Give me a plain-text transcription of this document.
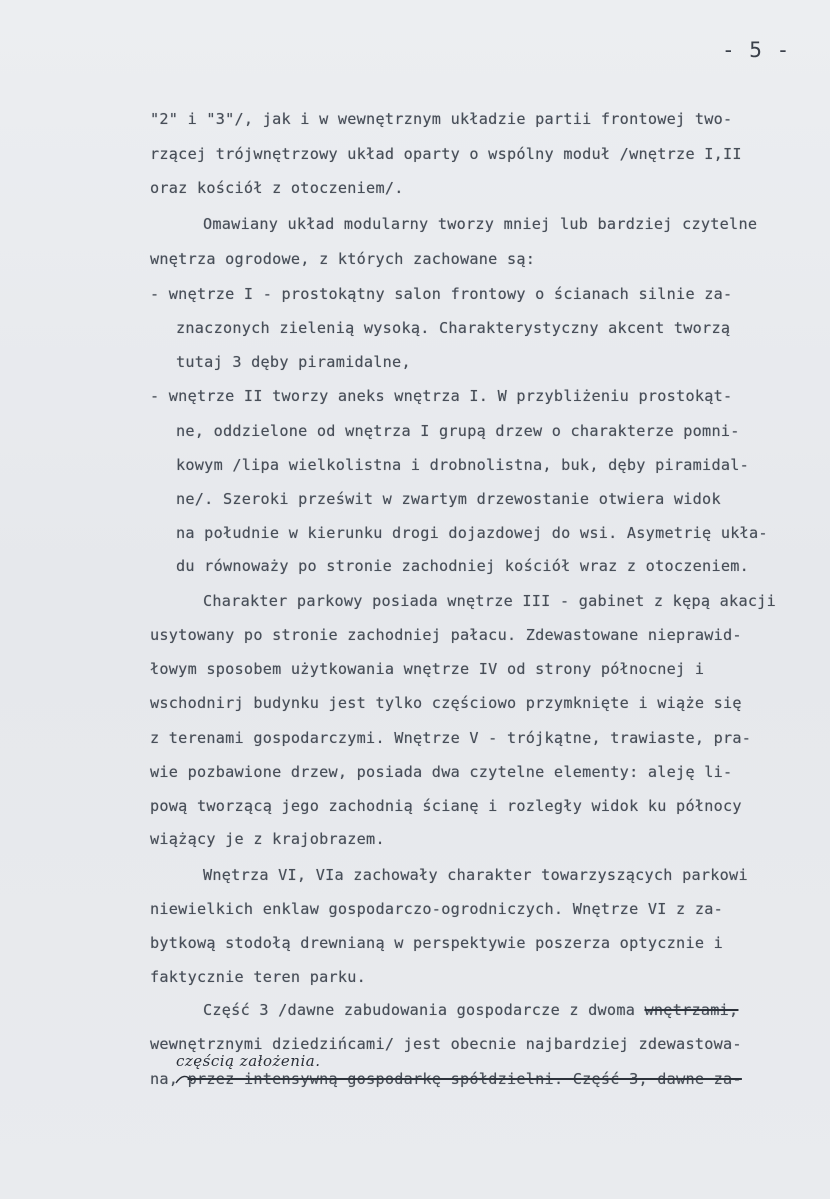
- 5 -
"2" i "3"/, jak i w wewnętrznym układzie partii frontowej two-
rzącej trójwnętrzowy układ oparty o wspólny moduł /wnętrze I,II
oraz kościół z otoczeniem/.
Omawiany układ modularny tworzy mniej lub bardziej czytelne
wnętrza ogrodowe, z których zachowane są:
- wnętrze I - prostokątny salon frontowy o ścianach silnie za-
znaczonych zielenią wysoką. Charakterystyczny akcent tworzą
tutaj 3 dęby piramidalne,
- wnętrze II tworzy aneks wnętrza I. W przybliżeniu prostokąt-
ne, oddzielone od wnętrza I grupą drzew o charakterze pomni-
kowym /lipa wielkolistna i drobnolistna, buk, dęby piramidal-
ne/. Szeroki prześwit w zwartym drzewostanie otwiera widok
na południe w kierunku drogi dojazdowej do wsi. Asymetrię ukła-
du równoważy po stronie zachodniej kościół wraz z otoczeniem.
Charakter parkowy posiada wnętrze III - gabinet z kępą akacji
usytowany po stronie zachodniej pałacu. Zdewastowane nieprawid-
łowym sposobem użytkowania wnętrze IV od strony północnej i
wschodnirj budynku jest tylko częściowo przymknięte i wiąże się
z terenami gospodarczymi. Wnętrze V - trójkątne, trawiaste, pra-
wie pozbawione drzew, posiada dwa czytelne elementy: aleję li-
pową tworzącą jego zachodnią ścianę i rozległy widok ku północy
wiążący je z krajobrazem.
Wnętrza VI, VIa zachowały charakter towarzyszących parkowi
niewielkich enklaw gospodarczo-ogrodniczych. Wnętrze VI z za-
bytkową stodołą drewnianą w perspektywie poszerza optycznie i
faktycznie teren parku.
Część 3 /dawne zabudowania gospodarcze z dwoma wnętrzami,
wewnętrznymi dziedzińcami/ jest obecnie najbardziej zdewastowa-
częścią założenia.
na, przez intensywną gospodarkę spółdzielni. Część 3, dawne za-
